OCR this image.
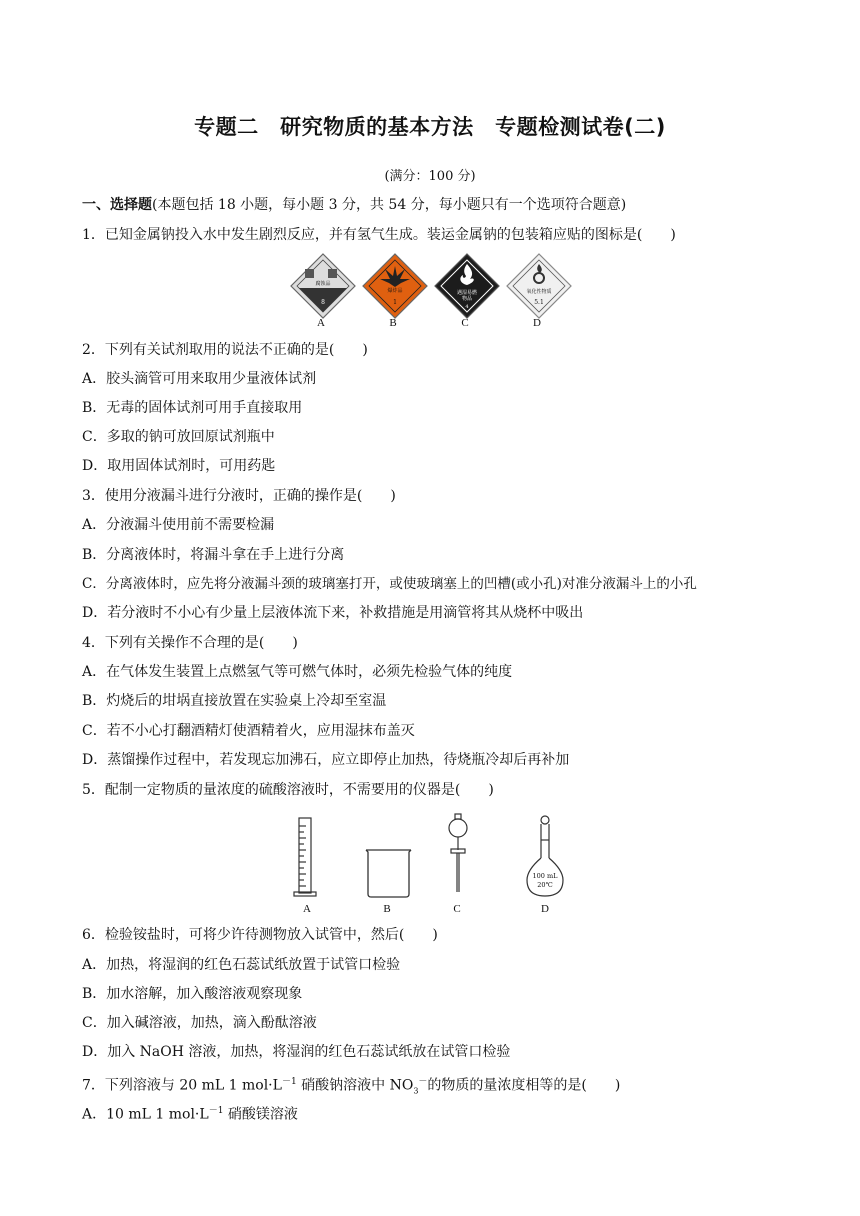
专题二　研究物质的基本方法　专题检测试卷(二)
(满分：100 分)
一、选择题(本题包括 18 小题，每小题 3 分，共 54 分，每小题只有一个选项符合题意)
1．已知金属钠投入水中发生剧烈反应，并有氢气生成。装运金属钠的包装箱应贴的图标是(　　)
8
腐蚀品
爆炸品
1
遇湿易燃
物品
4
氧化性物质
5.1
A	B	C	D
2．下列有关试剂取用的说法不正确的是(　　)
A．胶头滴管可用来取用少量液体试剂
B．无毒的固体试剂可用手直接取用
C．多取的钠可放回原试剂瓶中
D．取用固体试剂时，可用药匙
3．使用分液漏斗进行分液时，正确的操作是(　　)
A．分液漏斗使用前不需要检漏
B．分离液体时，将漏斗拿在手上进行分离
C．分离液体时，应先将分液漏斗颈的玻璃塞打开，或使玻璃塞上的凹槽(或小孔)对准分液漏斗上的小孔
D．若分液时不小心有少量上层液体流下来，补救措施是用滴管将其从烧杯中吸出
4．下列有关操作不合理的是(　　)
A．在气体发生装置上点燃氢气等可燃气体时，必须先检验气体的纯度
B．灼烧后的坩埚直接放置在实验桌上冷却至室温
C．若不小心打翻酒精灯使酒精着火，应用湿抹布盖灭
D．蒸馏操作过程中，若发现忘加沸石，应立即停止加热，待烧瓶冷却后再补加
5．配制一定物质的量浓度的硫酸溶液时，不需要用的仪器是(　　)
100 mL
20℃
A	B	C	D
6．检验铵盐时，可将少许待测物放入试管中，然后(　　)
A．加热，将湿润的红色石蕊试纸放置于试管口检验
B．加水溶解，加入酸溶液观察现象
C．加入碱溶液，加热，滴入酚酞溶液
D．加入 NaOH 溶液，加热，将湿润的红色石蕊试纸放在试管口检验
7．下列溶液与 20 mL 1 $mol\cdot L^{-1}$ 硝酸钠溶液中 $NO_3^-$的物质的量浓度相等的是(　　)
A．10 mL 1 $mol\cdot L^{-1}$ 硝酸镁溶液
